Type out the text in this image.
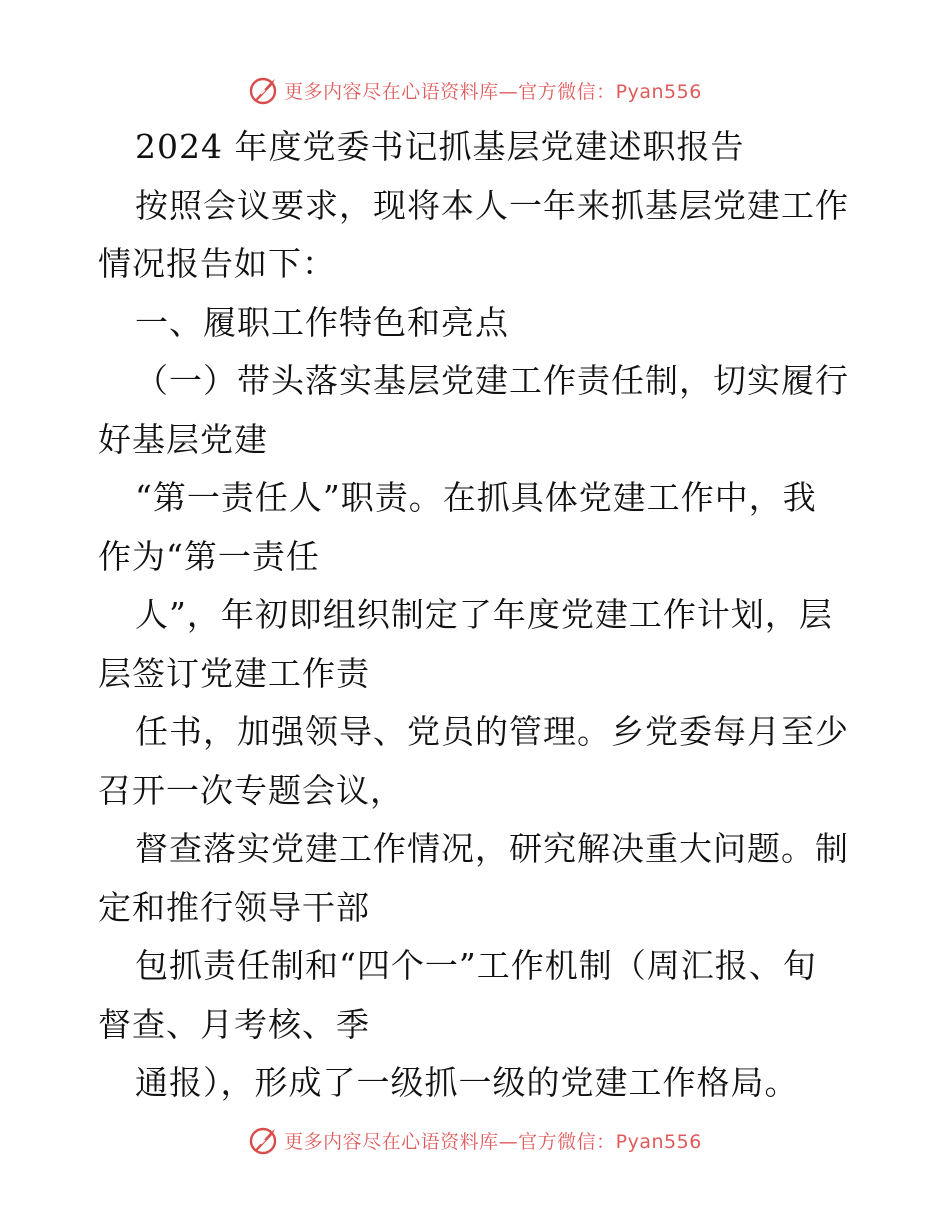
更多内容尽在心语资料库—官方微信：Pyan556
2024 年度党委书记抓基层党建述职报告
按照会议要求，现将本人一年来抓基层党建工作
情况报告如下：
一、履职工作特色和亮点
（一）带头落实基层党建工作责任制，切实履行
好基层党建
“第一责任人”职责。在抓具体党建工作中，我
作为“第一责任
人”，年初即组织制定了年度党建工作计划，层
层签订党建工作责
任书，加强领导、党员的管理。乡党委每月至少
召开一次专题会议，
督查落实党建工作情况，研究解决重大问题。制
定和推行领导干部
包抓责任制和“四个一”工作机制（周汇报、旬
督查、月考核、季
通报），形成了一级抓一级的党建工作格局。
更多内容尽在心语资料库—官方微信：Pyan556
